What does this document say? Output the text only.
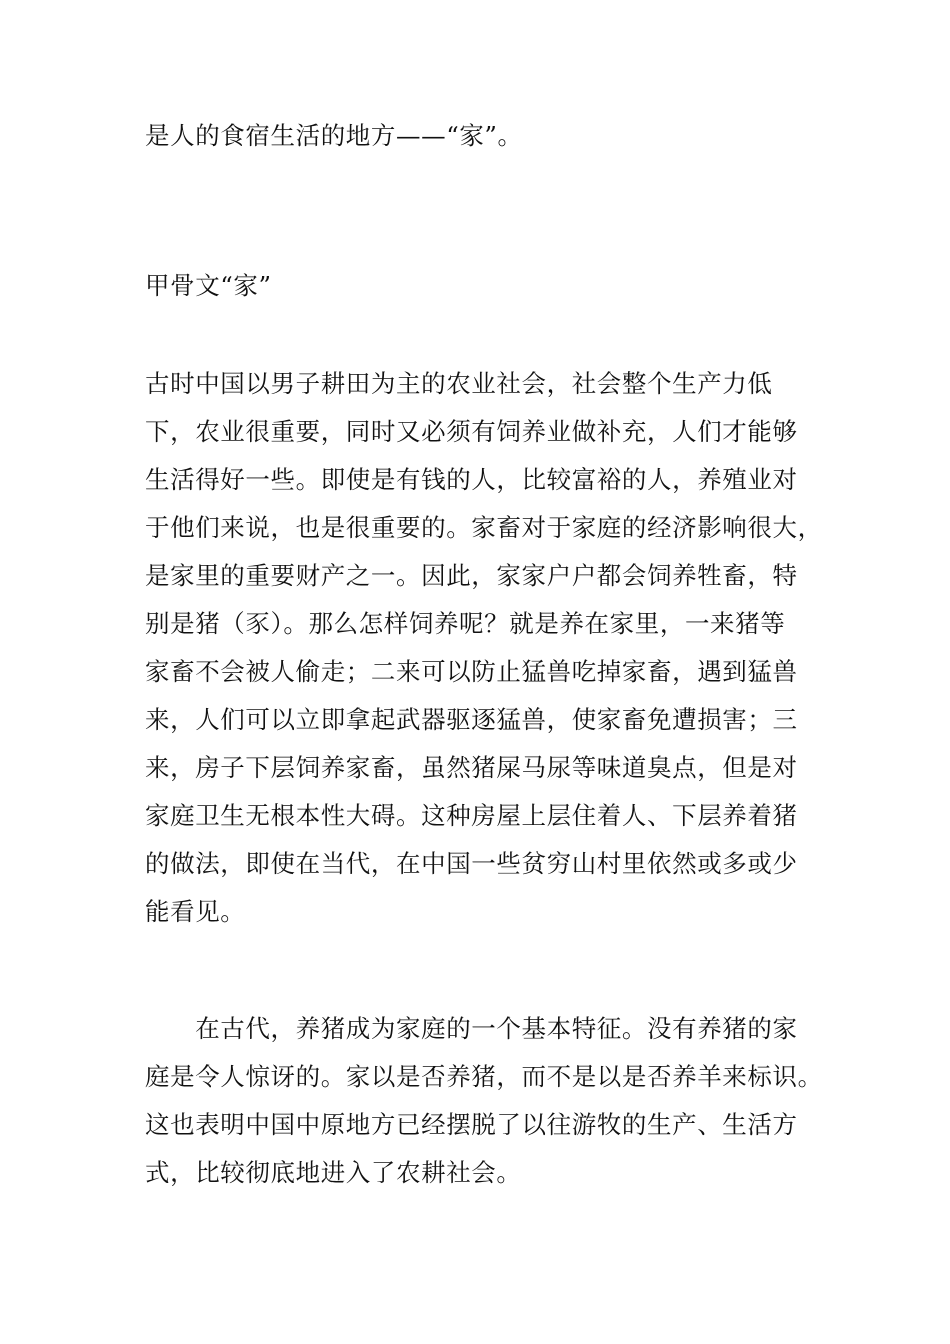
是人的食宿生活的地方——“家”。

甲骨文“家”

古时中国以男子耕田为主的农业社会，社会整个生产力低
下，农业很重要，同时又必须有饲养业做补充，人们才能够
生活得好一些。即使是有钱的人，比较富裕的人，养殖业对
于他们来说，也是很重要的。家畜对于家庭的经济影响很大，
是家里的重要财产之一。因此，家家户户都会饲养牲畜，特
别是猪（豕）。那么怎样饲养呢？就是养在家里，一来猪等
家畜不会被人偷走；二来可以防止猛兽吃掉家畜，遇到猛兽
来，人们可以立即拿起武器驱逐猛兽，使家畜免遭损害；三
来，房子下层饲养家畜，虽然猪屎马尿等味道臭点，但是对
家庭卫生无根本性大碍。这种房屋上层住着人、下层养着猪
的做法，即使在当代，在中国一些贫穷山村里依然或多或少
能看见。

　　在古代，养猪成为家庭的一个基本特征。没有养猪的家
庭是令人惊讶的。家以是否养猪，而不是以是否养羊来标识。
这也表明中国中原地方已经摆脱了以往游牧的生产、生活方
式，比较彻底地进入了农耕社会。
